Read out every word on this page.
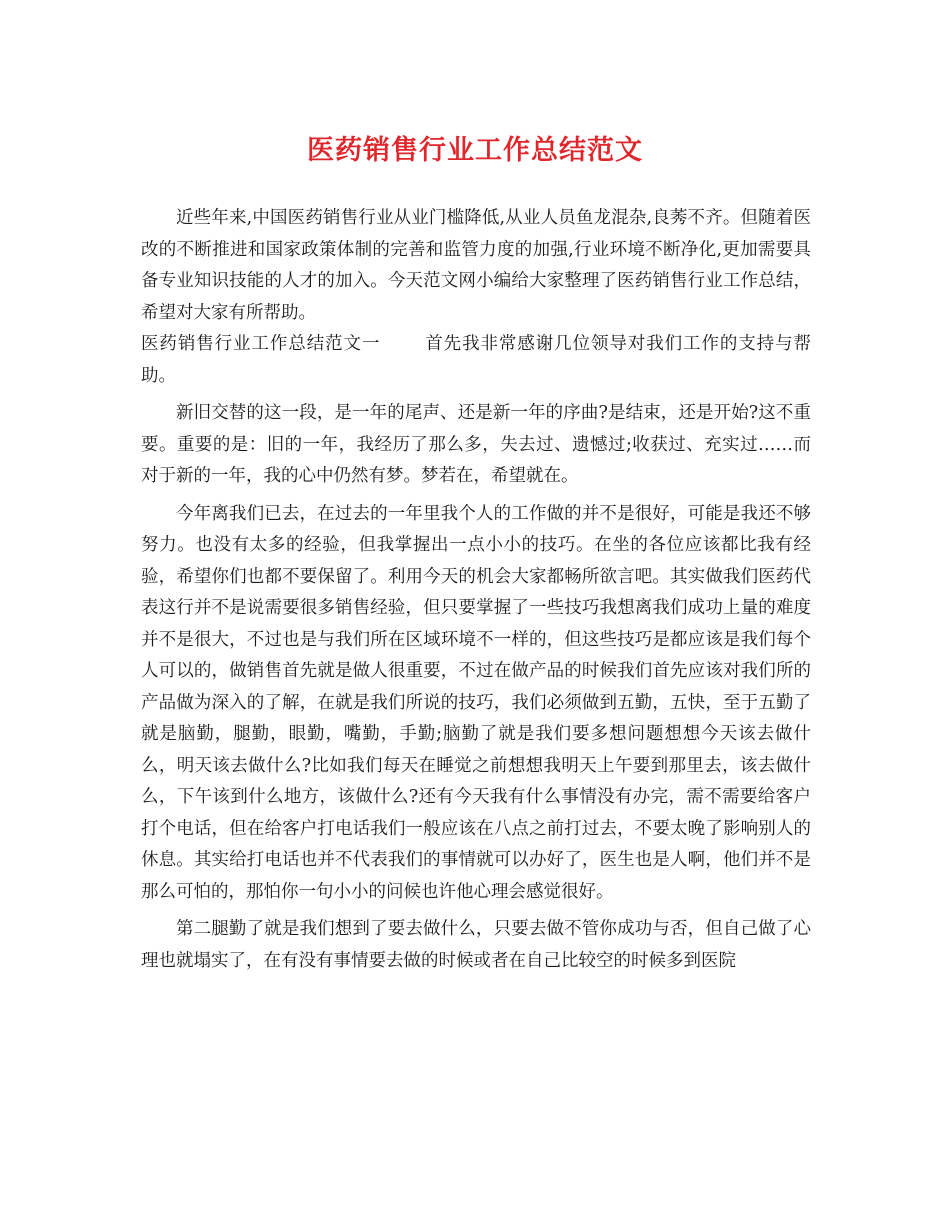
医药销售行业工作总结范文

近些年来,中国医药销售行业从业门槛降低,从业人员鱼龙混杂,良莠不齐。但随着医改的不断推进和国家政策体制的完善和监管力度的加强,行业环境不断净化,更加需要具备专业知识技能的人才的加入。今天范文网小编给大家整理了医药销售行业工作总结，希望对大家有所帮助。

医药销售行业工作总结范文一	首先我非常感谢几位领导对我们工作的支持与帮助。

新旧交替的这一段，是一年的尾声、还是新一年的序曲?是结束，还是开始?这不重要。重要的是：旧的一年，我经历了那么多，失去过、遗憾过;收获过、充实过……而对于新的一年，我的心中仍然有梦。梦若在，希望就在。

今年离我们已去，在过去的一年里我个人的工作做的并不是很好，可能是我还不够努力。也没有太多的经验，但我掌握出一点小小的技巧。在坐的各位应该都比我有经验，希望你们也都不要保留了。利用今天的机会大家都畅所欲言吧。其实做我们医药代表这行并不是说需要很多销售经验，但只要掌握了一些技巧我想离我们成功上量的难度并不是很大，不过也是与我们所在区域环境不一样的，但这些技巧是都应该是我们每个人可以的，做销售首先就是做人很重要，不过在做产品的时候我们首先应该对我们所的产品做为深入的了解，在就是我们所说的技巧，我们必须做到五勤，五快，至于五勤了就是脑勤，腿勤，眼勤，嘴勤，手勤;脑勤了就是我们要多想问题想想今天该去做什么，明天该去做什么?比如我们每天在睡觉之前想想我明天上午要到那里去，该去做什么，下午该到什么地方，该做什么?还有今天我有什么事情没有办完，需不需要给客户打个电话，但在给客户打电话我们一般应该在八点之前打过去，不要太晚了影响别人的休息。其实给打电话也并不代表我们的事情就可以办好了，医生也是人啊，他们并不是那么可怕的，那怕你一句小小的问候也许他心理会感觉很好。

第二腿勤了就是我们想到了要去做什么，只要去做不管你成功与否，但自己做了心理也就塌实了，在有没有事情要去做的时候或者在自己比较空的时候多到医院
